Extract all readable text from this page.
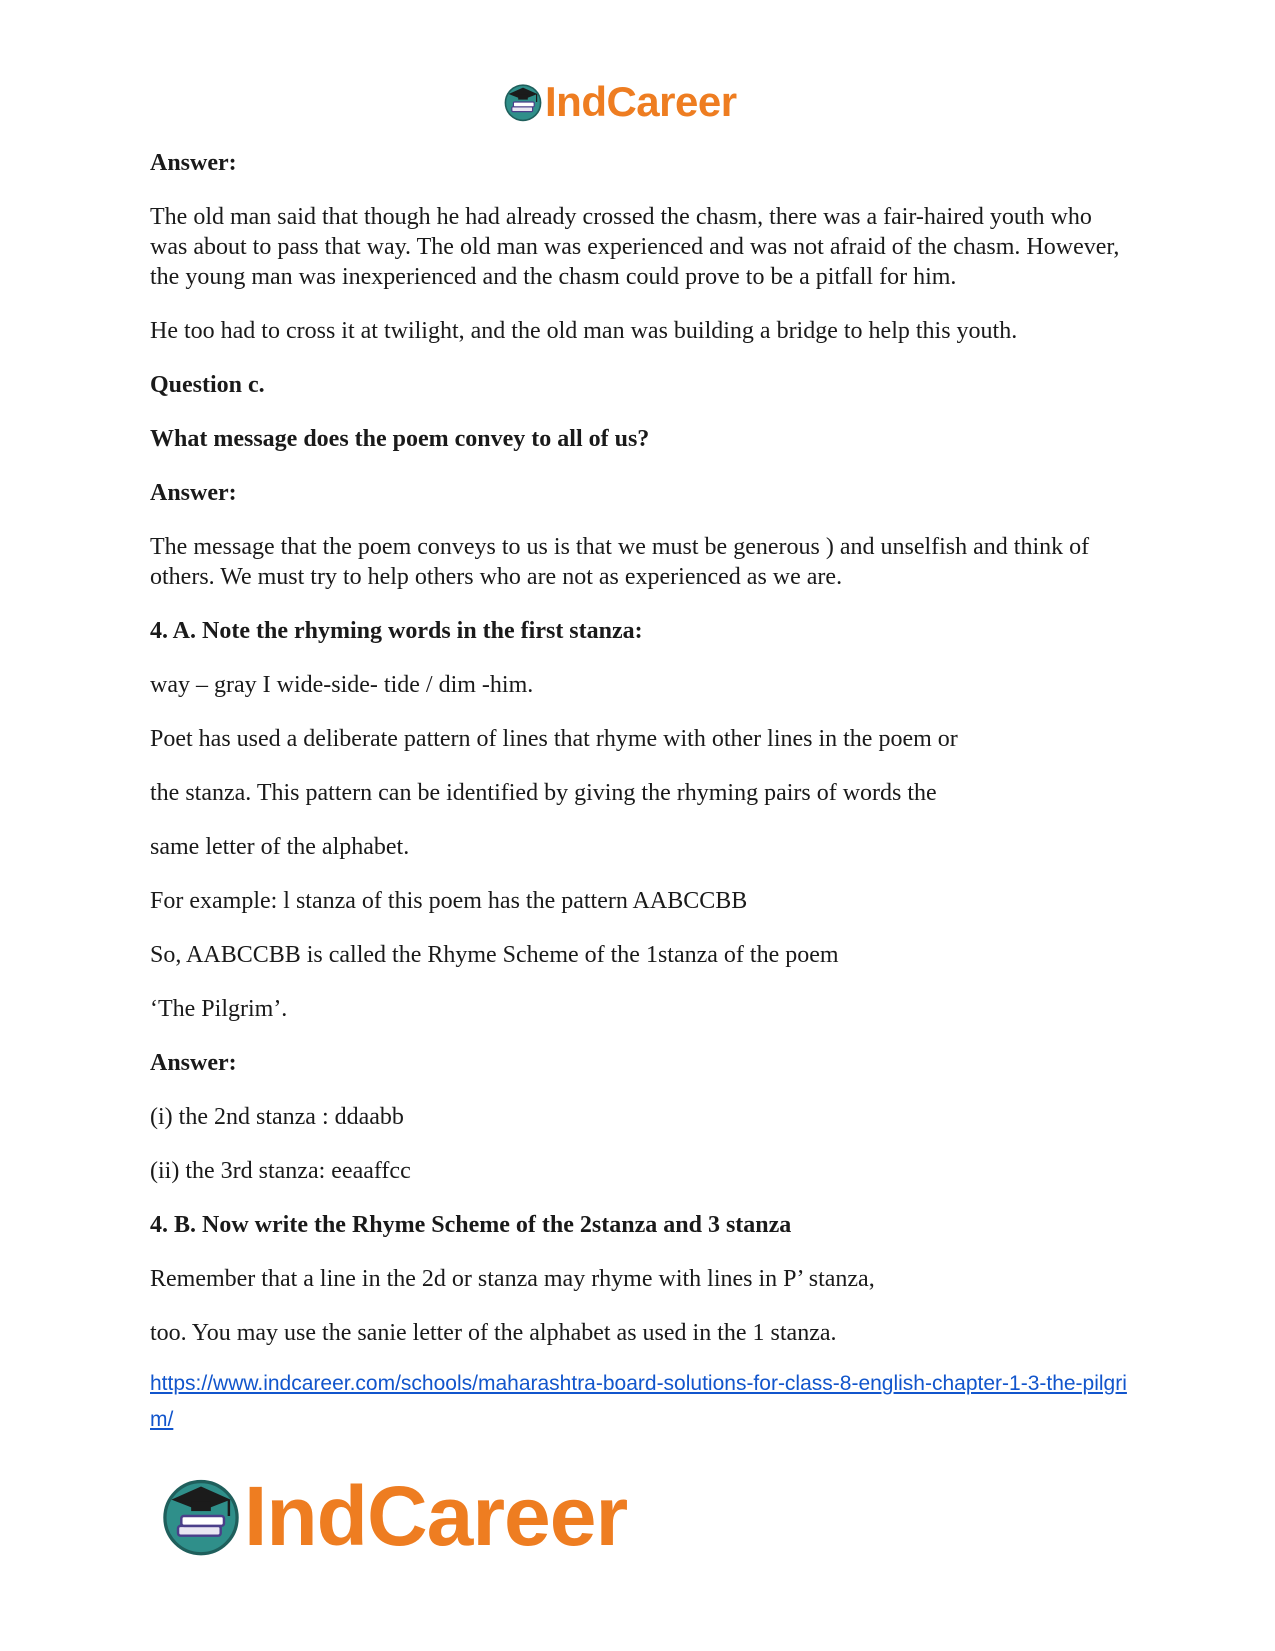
IndCareer

Answer:

The old man said that though he had already crossed the chasm, there was a fair-haired youth who was about to pass that way. The old man was experienced and was not afraid of the chasm. However, the young man was inexperienced and the chasm could prove to be a pitfall for him.

He too had to cross it at twilight, and the old man was building a bridge to help this youth.

Question c.

What message does the poem convey to all of us?

Answer:

The message that the poem conveys to us is that we must be generous ) and unselfish and think of others. We must try to help others who are not as experienced as we are.

4. A. Note the rhyming words in the first stanza:

way – gray I wide-side- tide / dim -him.

Poet has used a deliberate pattern of lines that rhyme with other lines in the poem or

the stanza. This pattern can be identified by giving the rhyming pairs of words the

same letter of the alphabet.

For example: l stanza of this poem has the pattern AABCCBB

So, AABCCBB is called the Rhyme Scheme of the 1stanza of the poem

‘The Pilgrim’.

Answer:

(i) the 2nd stanza : ddaabb

(ii) the 3rd stanza: eeaaffcc

4. B. Now write the Rhyme Scheme of the 2stanza and 3 stanza

Remember that a line in the 2d or stanza may rhyme with lines in P’ stanza,

too. You may use the sanie letter of the alphabet as used in the 1 stanza.

https://www.indcareer.com/schools/maharashtra-board-solutions-for-class-8-english-chapter-1-3-the-pilgrim/
IndCareer
